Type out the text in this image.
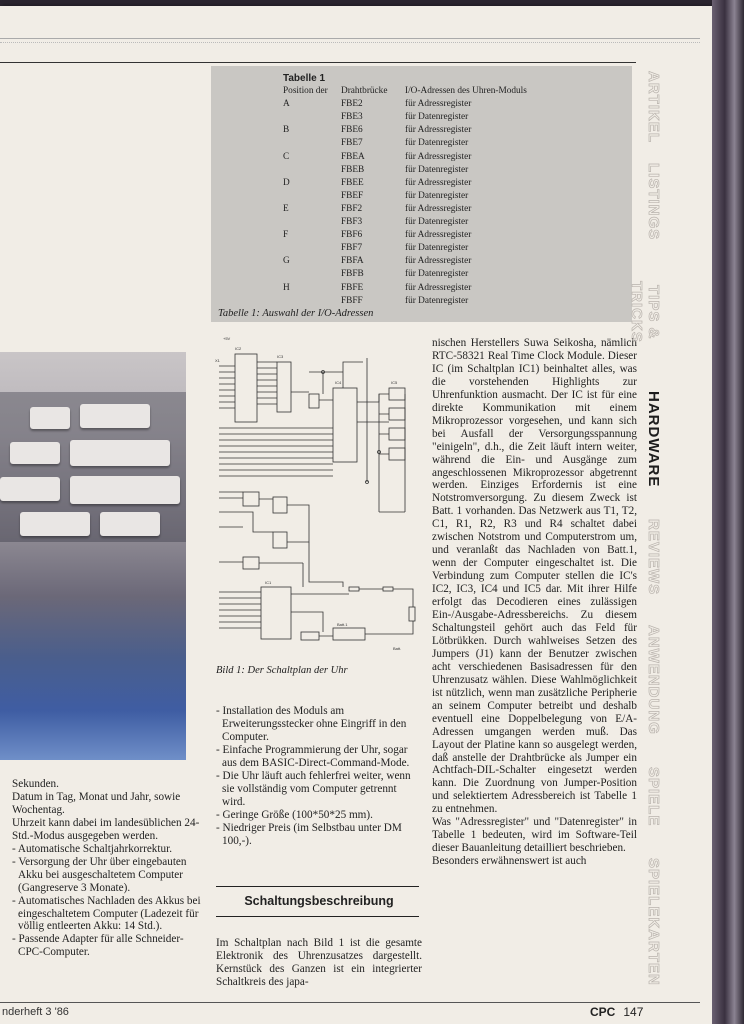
Tabelle 1
Position der	Drahtbrücke	I/O-Adressen des Uhren-Moduls
A	FBE2	für Adressregister
FBE3	für Datenregister
B	FBE6	für Adressregister
FBE7	für Datenregister
C	FBEA	für Adressregister
FBEB	für Datenregister
D	FBEE	für Adressregister
FBEF	für Datenregister
E	FBF2	für Adressregister
FBF3	für Datenregister
F	FBF6	für Adressregister
FBF7	für Datenregister
G	FBFA	für Adressregister
FBFB	für Datenregister
H	FBFE	für Adressregister
FBFF	für Datenregister
Tabelle 1: Auswahl der I/O-Adressen
+5V
X1
IC2
IC3
IC4	IC5
IC1
Batt.1
Batt.
Bild 1: Der Schaltplan der Uhr
nischen Herstellers Suwa Seikosha, nämlich RTC-58321 Real Time Clock Module. Dieser IC (im Schaltplan IC1) beinhaltet alles, was die vorstehenden Highlights zur Uhrenfunktion ausmacht. Der IC ist für eine direkte Kommunikation mit einem Mikroprozessor vorgesehen, und kann sich bei Ausfall der Versorgungsspannung "einigeln", d.h., die Zeit läuft intern weiter, während die Ein- und Ausgänge zum angeschlossenen Mikroprozessor abgetrennt werden. Einziges Erfordernis ist eine Notstromversorgung. Zu diesem Zweck ist Batt. 1 vorhanden. Das Netzwerk aus T1, T2, C1, R1, R2, R3 und R4 schaltet dabei zwischen Notstrom und Computerstrom um, und veranlaßt das Nachladen von Batt.1, wenn der Computer eingeschaltet ist. Die Verbindung zum Computer stellen die IC's IC2, IC3, IC4 und IC5 dar. Mit ihrer Hilfe erfolgt das Decodieren eines zulässigen Ein-/Ausgabe-Adressbereichs. Zu diesem Schaltungsteil gehört auch das Feld für Lötbrükken. Durch wahlweises Setzen des Jumpers (J1) kann der Benutzer zwischen acht verschiedenen Basisadressen für den Uhrenzusatz wählen. Diese Wahlmöglichkeit ist nützlich, wenn man zusätzliche Peripherie an seinem Computer betreibt und deshalb eventuell eine Doppelbelegung von E/A-Adressen umgangen werden muß. Das Layout der Platine kann so ausgelegt werden, daß anstelle der Drahtbrücke als Jumper ein Achtfach-DIL-Schalter eingesetzt werden kann. Die Zuordnung von Jumper-Position und selektiertem Adressbereich ist Tabelle 1 zu entnehmen.
Was "Adressregister" und "Datenregister" in Tabelle 1 bedeuten, wird im Software-Teil dieser Bauanleitung detailliert beschrieben.
Besonders erwähnenswert ist auch

- Installation des Moduls am Erweiterungsstecker ohne Eingriff in den Computer.

- Einfache Programmierung der Uhr, sogar aus dem BASIC-Direct-Command-Mode.

- Die Uhr läuft auch fehlerfrei weiter, wenn sie vollständig vom Computer getrennt wird.

- Geringe Größe (100*50*25 mm).

- Niedriger Preis (im Selbstbau unter DM 100,-).

Schaltungsbeschreibung
Im Schaltplan nach Bild 1 ist die gesamte Elektronik des Uhrenzusatzes dargestellt. Kernstück des Ganzen ist ein integrierter Schaltkreis des japa-

Sekunden.

Datum in Tag, Monat und Jahr, sowie Wochentag.

Uhrzeit kann dabei im landesüblichen 24-Std.-Modus ausgegeben werden.

- Automatische Schaltjahrkorrektur.

- Versorgung der Uhr über eingebauten Akku bei ausgeschaltetem Computer (Gangreserve 3 Monate).

- Automatisches Nachladen des Akkus bei eingeschaltetem Computer (Ladezeit für völlig entleerten Akku: 14 Std.).

- Passende Adapter für alle Schneider-CPC-Computer.

ARTIKEL
LISTINGS
TIPS & TRICKS
HARDWARE
REVIEWS
ANWENDUNG
SPIELE
SPIELEKARTEN
nderheft 3 '86	CPC 147
